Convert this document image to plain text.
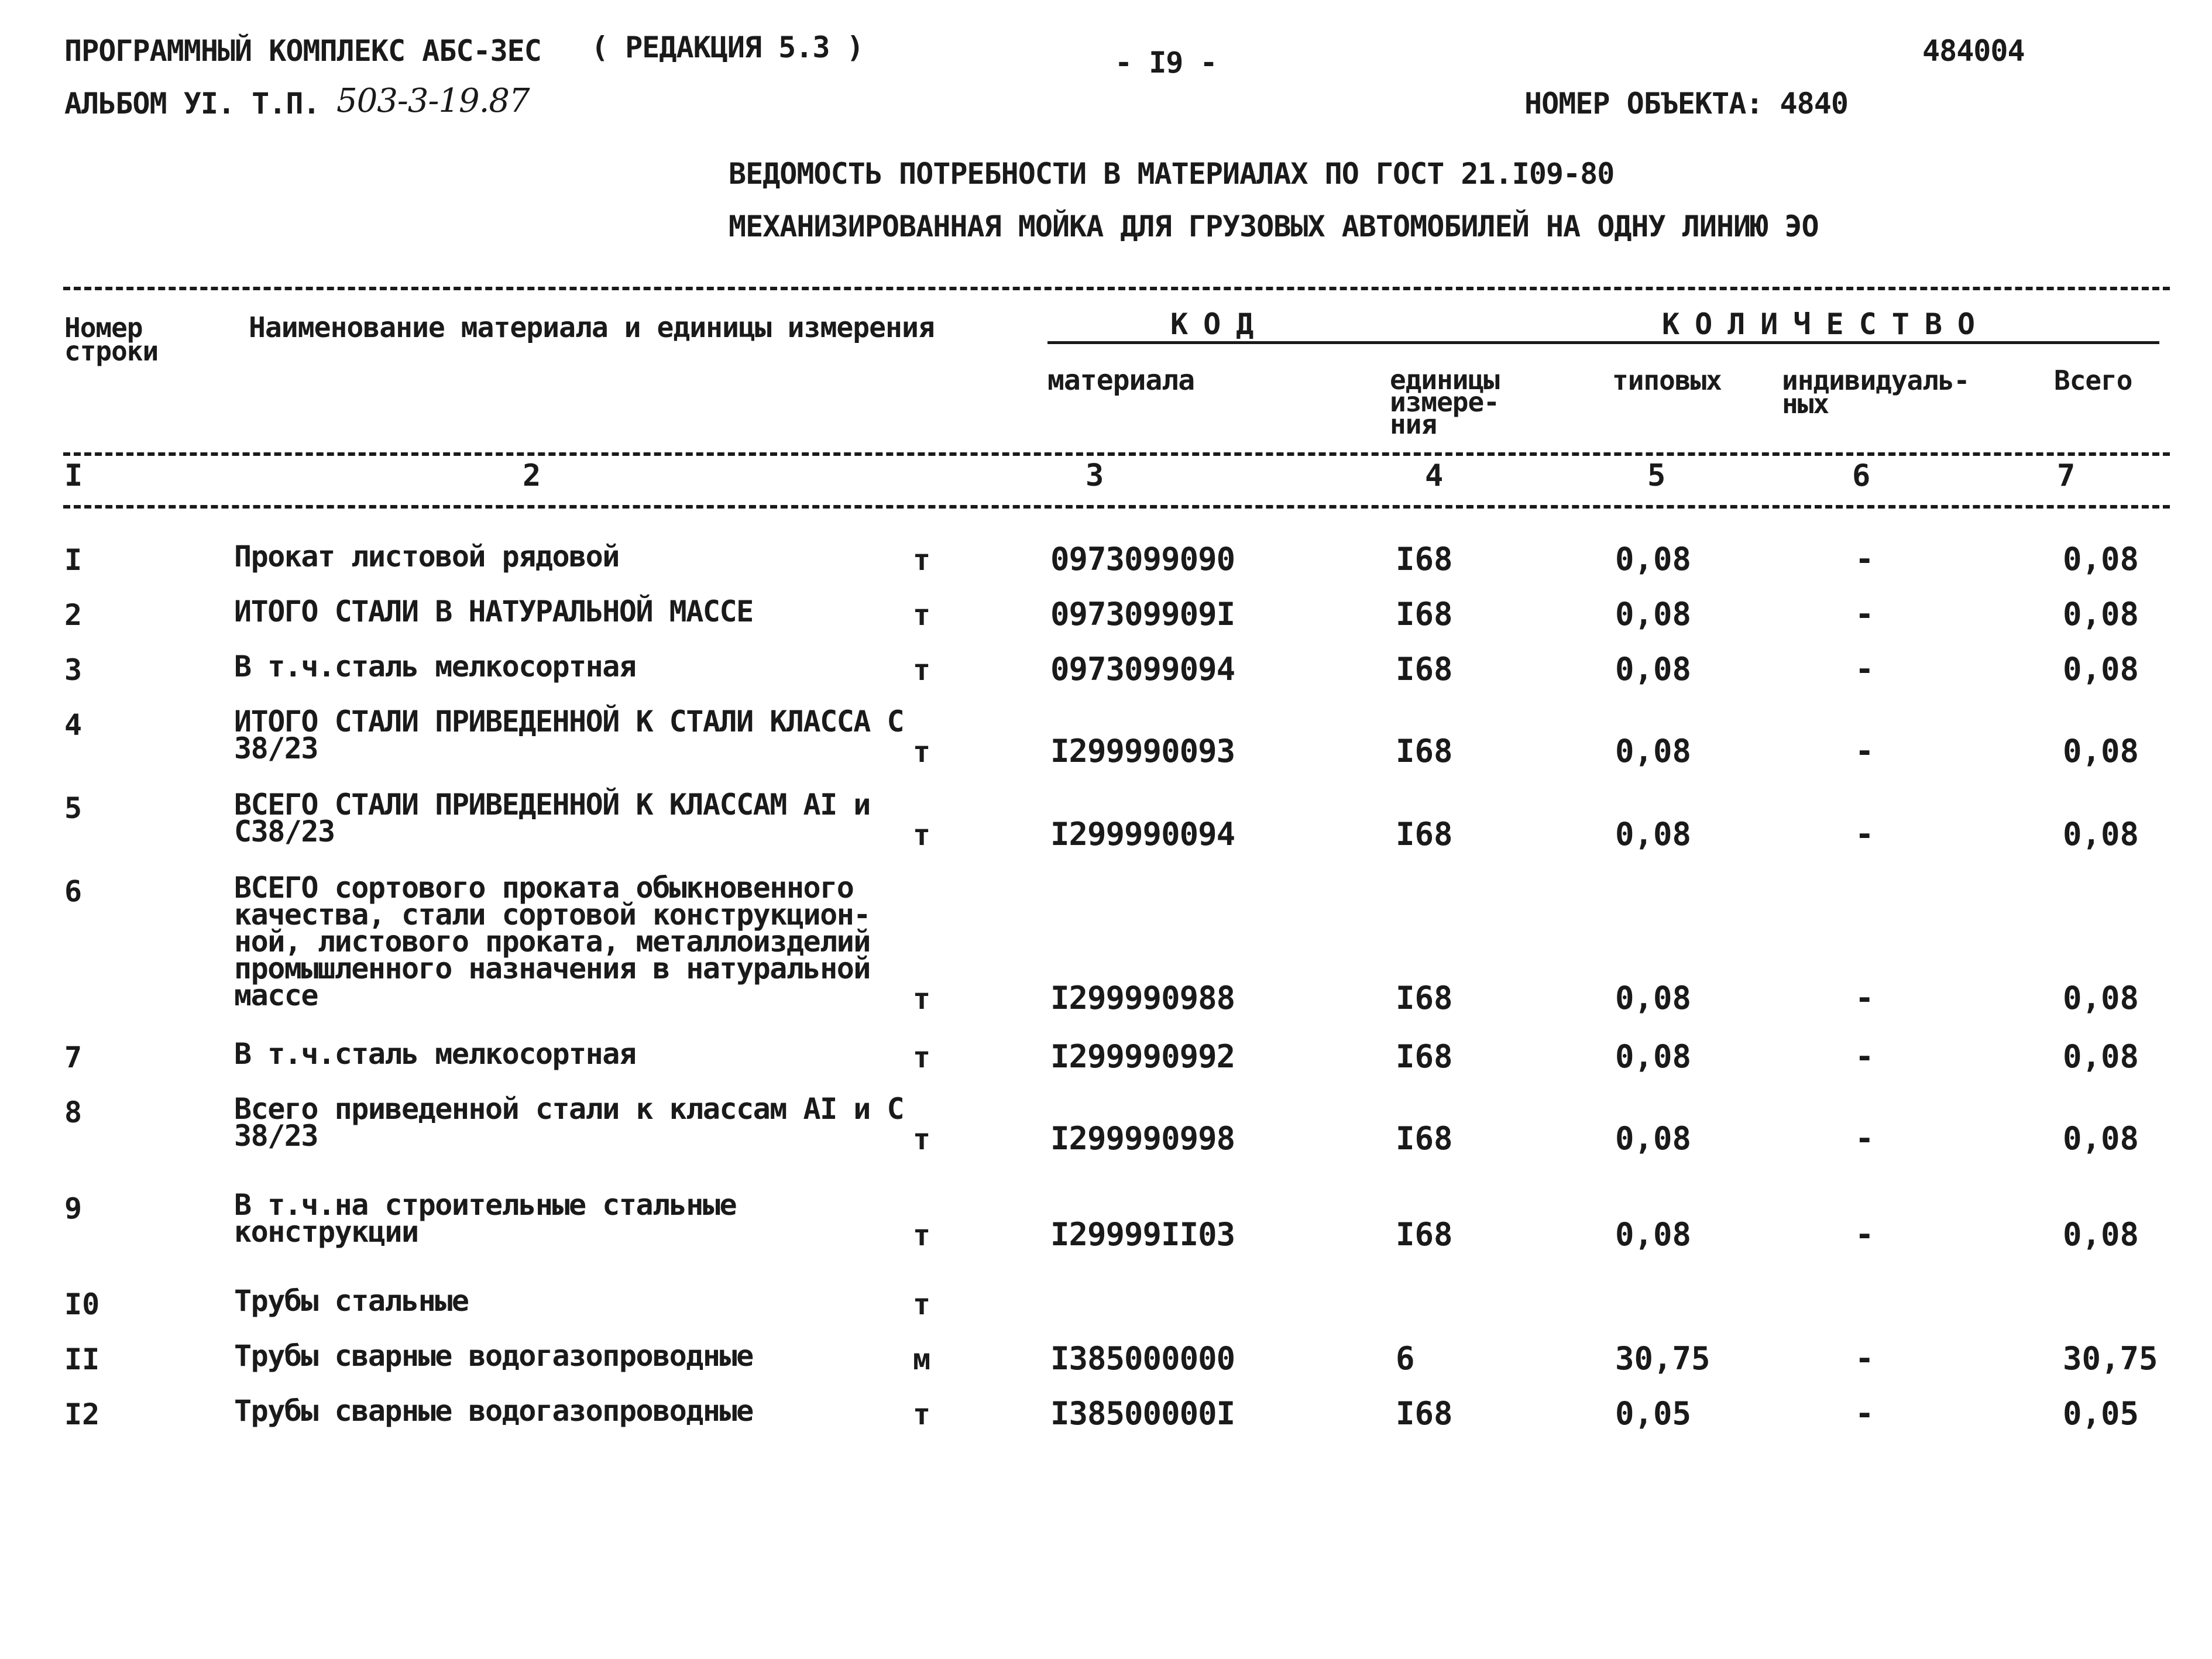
ПРОГРАММНЫЙ КОМПЛЕКС АБС-ЗЕС ( РЕДАКЦИЯ 5.3 )	- I9 -	484004
АЛЬБОМ УI. Т.П. 503-3-19.87	НОМЕР ОБЪЕКТА: 4840
ВЕДОМОСТЬ ПОТРЕБНОСТИ В МАТЕРИАЛАХ ПО ГОСТ 21.I09-80
МЕХАНИЗИРОВАННАЯ МОЙКА ДЛЯ ГРУЗОВЫХ АВТОМОБИЛЕЙ НА ОДНУ ЛИНИЮ ЭО
Номер строки
Наименование материала и единицы измерения	КОД	КОЛИЧЕСТВО
материала	единицы измере-ния
типовых индивидуаль-ных
Всего
I	2	3	4	5	6	7
I	Прокат листовой рядовой	т	0973099090	I68	0,08	-	0,08
2	ИТОГО СТАЛИ В НАТУРАЛЬНОЙ МАССЕ	т	097309909I	I68	0,08	-	0,08
3	В т.ч.сталь мелкосортная	т	0973099094	I68	0,08	-	0,08
4	ИТОГО СТАЛИ ПРИВЕДЕННОЙ К СТАЛИ КЛАССА С 38/23	т	I299990093	I68	0,08	-	0,08
5	ВСЕГО СТАЛИ ПРИВЕДЕННОЙ К КЛАССАМ АI и С38/23	т	I299990094	I68	0,08	-	0,08
6	ВСЕГО сортового проката обыкновенного качества, стали сортовой конструкцион-ной, листового проката, металлоизделий промышленного назначения в натуральной массе	т	I299990988	I68	0,08	-	0,08
7	В т.ч.сталь мелкосортная	т	I299990992	I68	0,08	-	0,08
8	Всего приведенной стали к классам АI и С 38/23	т	I299990998	I68	0,08	-	0,08
9	В т.ч.на строительные стальные конструкции	т	I29999II03	I68	0,08	-	0,08
I0	Трубы стальные	т
II	Трубы сварные водогазопроводные	м	I385000000	6	30,75	-	30,75
I2	Трубы сварные водогазопроводные	т	I38500000I	I68	0,05	-	0,05
